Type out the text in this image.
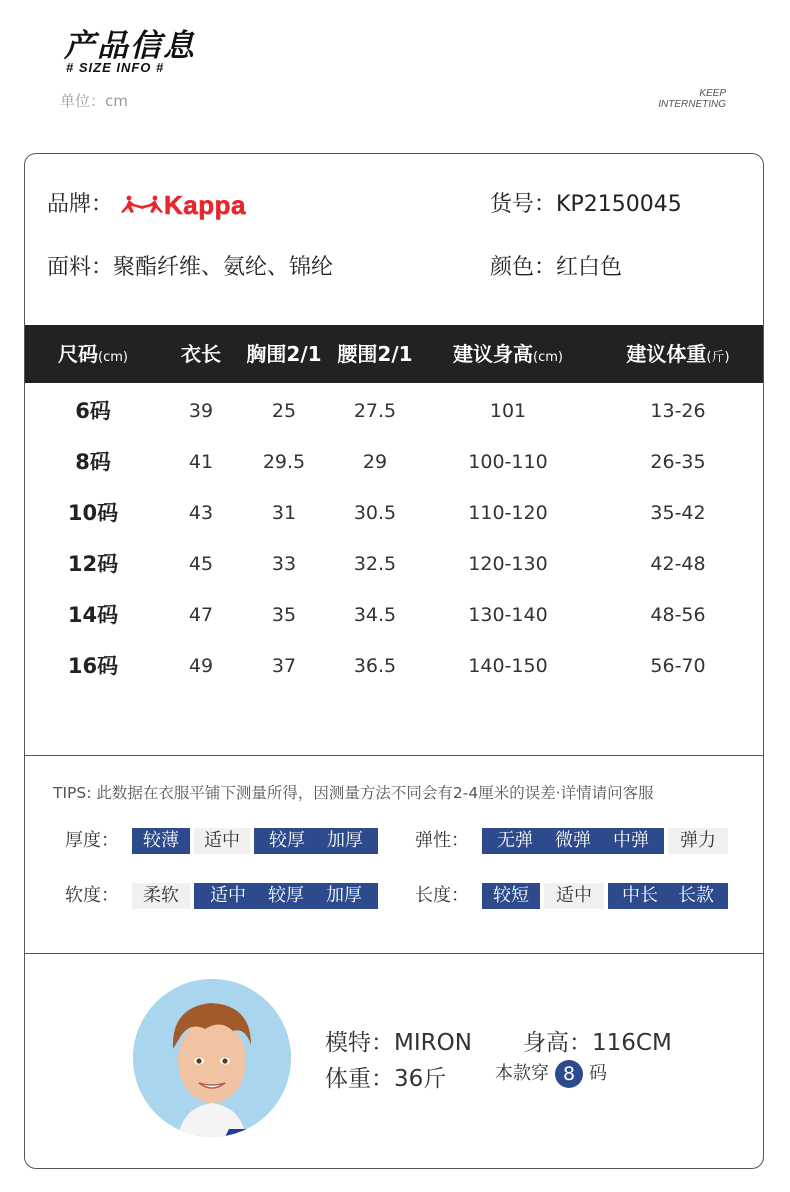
产品信息
# SIZE INFO #
单位：cm	KEEP
INTERNETING
品牌： Kappa	货号：KP2150045
面料：聚酯纤维、氨纶、锦纶	颜色：红白色
尺码(cm)	衣长	胸围2/1 腰围2/1	建议身高(cm)	建议体重(斤)
6码	39	25	27.5	101	13-26
8码	41	29.5	29	100-110	26-35
10码	43	31	30.5	110-120	35-42
12码	45	33	32.5	120-130	42-48
14码	47	35	34.5	130-140	48-56
16码	49	37	36.5	140-150	56-70
TIPS: 此数据在衣服平铺下测量所得，因测量方法不同会有2-4厘米的误差·详情请问客服
厚度：	较薄	适中	较厚 加厚	弹性：	无弹 微弹 中弹	弹力
软度：	柔软	适中 较厚 加厚	长度：	较短	适中	中长 长款
模特：MIRON 身高：116CM
体重：36斤	本款穿 8 码
